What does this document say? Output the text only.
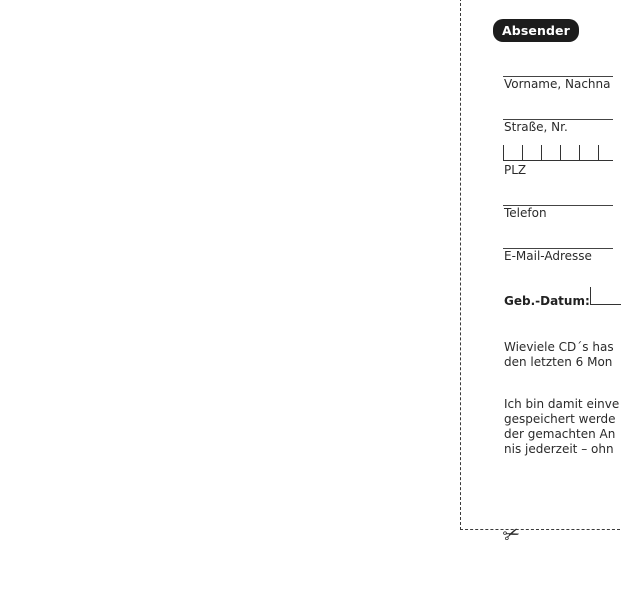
✂
Absender
Vorname, Nachna
Straße, Nr.
PLZ
Telefon
E-Mail-Adresse
Geb.-Datum:
Wieviele CD´s has
den letzten 6 Mon
Ich bin damit einve
gespeichert werde
der gemachten An
nis jederzeit – ohn
